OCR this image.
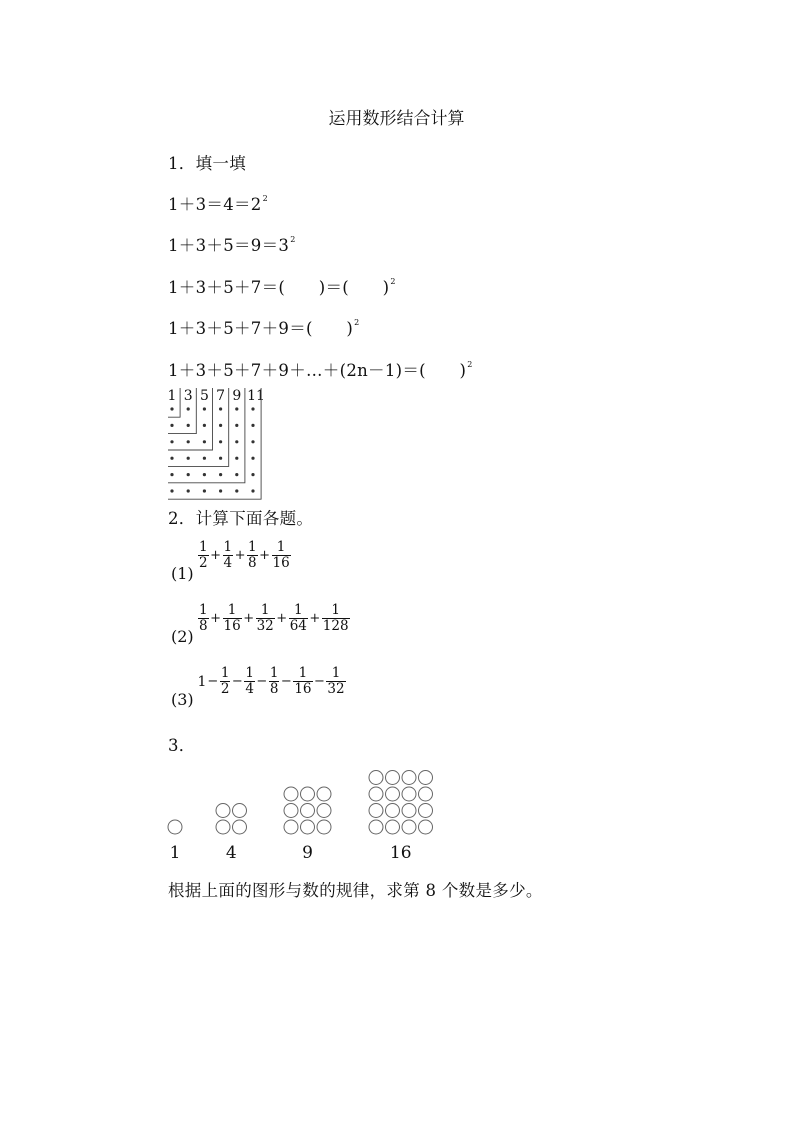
运用数形结合计算
1．填一填
$1+3=4=2^2$
$1+3+5=9=3^2$
1＋3＋5＋7＝(　　)＝(　　)$^2$
1＋3＋5＋7＋9＝(　　)$^2$
1＋3＋5＋7＋9＋…＋(2n－1)＝(　　)$^2$
1 3 5 7 9 11
2．计算下面各题。
(1)
$\frac{1}{2} + \frac{1}{4} + \frac{1}{8} + \frac{1}{16}$
(2)
$\frac{1}{8} + \frac{1}{16} + \frac{1}{32} + \frac{1}{64} + \frac{1}{128}$
(3)
$1- \frac{1}{2} - \frac{1}{4} - \frac{1}{8} - \frac{1}{16} - \frac{1}{32}$
3．
1	4	9	16
根据上面的图形与数的规律，求第 8 个数是多少。
